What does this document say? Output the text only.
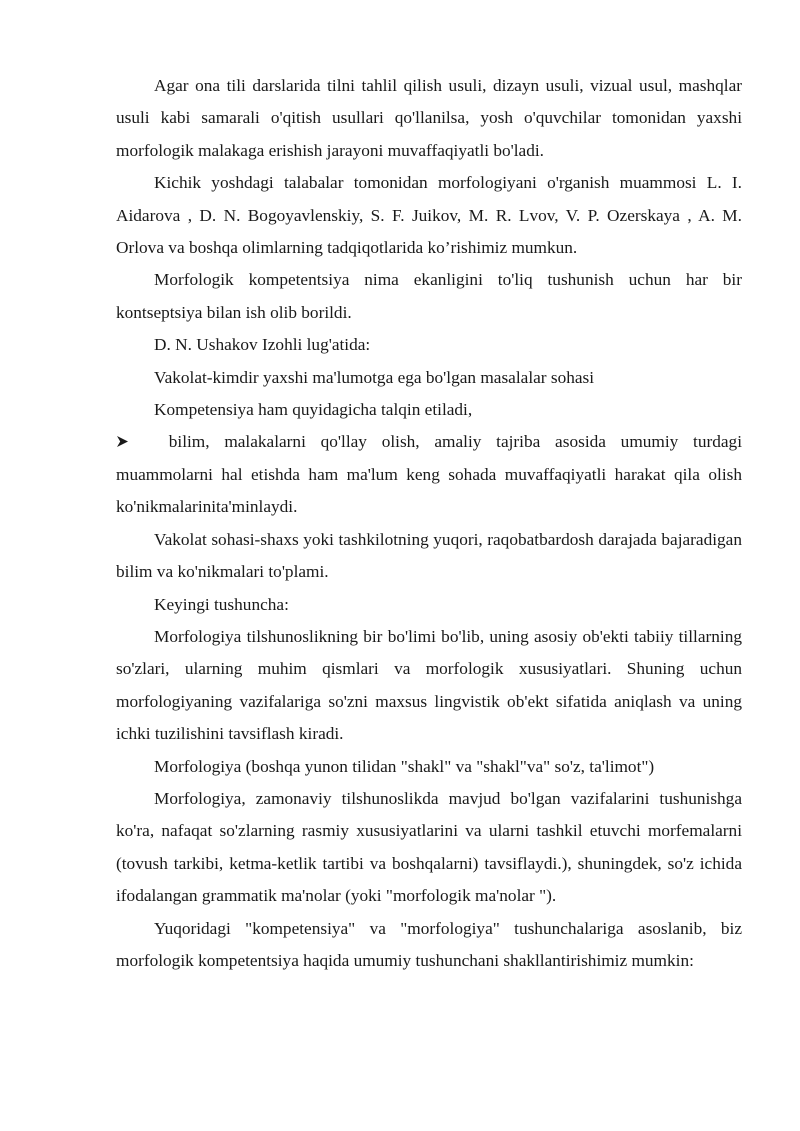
Agar ona tili darslarida tilni tahlil qilish usuli, dizayn usuli, vizual usul, mashqlar usuli kabi samarali o'qitish usullari qo'llanilsa, yosh o'quvchilar tomonidan yaxshi morfologik malakaga erishish jarayoni muvaffaqiyatli bo'ladi.

Kichik yoshdagi talabalar tomonidan morfologiyani o'rganish muammosi L. I. Aidarova , D. N. Bogoyavlenskiy, S. F. Juikov, M. R. Lvov, V. P. Ozerskaya , A. M. Orlova va boshqa olimlarning tadqiqotlarida ko’rishimiz mumkun.

Morfologik kompetentsiya nima ekanligini to'liq tushunish uchun har bir kontseptsiya bilan ish olib borildi.

D. N. Ushakov Izohli lug'atida:

Vakolat-kimdir yaxshi ma'lumotga ega bo'lgan masalalar sohasi

Kompetensiya ham quyidagicha talqin etiladi,

bilim, malakalarni qo'llay olish, amaliy tajriba asosida umumiy turdagi muammolarni hal etishda ham ma'lum keng sohada muvaffaqiyatli harakat qila olish ko'nikmalarinita'minlaydi.

Vakolat sohasi-shaxs yoki tashkilotning yuqori, raqobatbardosh darajada bajaradigan bilim va ko'nikmalari to'plami.

Keyingi tushuncha:

Morfologiya tilshunoslikning bir bo'limi bo'lib, uning asosiy ob'ekti tabiiy tillarning so'zlari, ularning muhim qismlari va morfologik xususiyatlari. Shuning uchun morfologiyaning vazifalariga so'zni maxsus lingvistik ob'ekt sifatida aniqlash va uning ichki tuzilishini tavsiflash kiradi.

Morfologiya (boshqa yunon tilidan "shakl" va "shakl"va" so'z, ta'limot")

Morfologiya, zamonaviy tilshunoslikda mavjud bo'lgan vazifalarini tushunishga ko'ra, nafaqat so'zlarning rasmiy xususiyatlarini va ularni tashkil etuvchi morfemalarni (tovush tarkibi, ketma-ketlik tartibi va boshqalarni) tavsiflaydi.), shuningdek, so'z ichida ifodalangan grammatik ma'nolar (yoki "morfologik ma'nolar ").

Yuqoridagi "kompetensiya" va "morfologiya" tushunchalariga asoslanib, biz morfologik kompetentsiya haqida umumiy tushunchani shakllantirishimiz mumkin:
